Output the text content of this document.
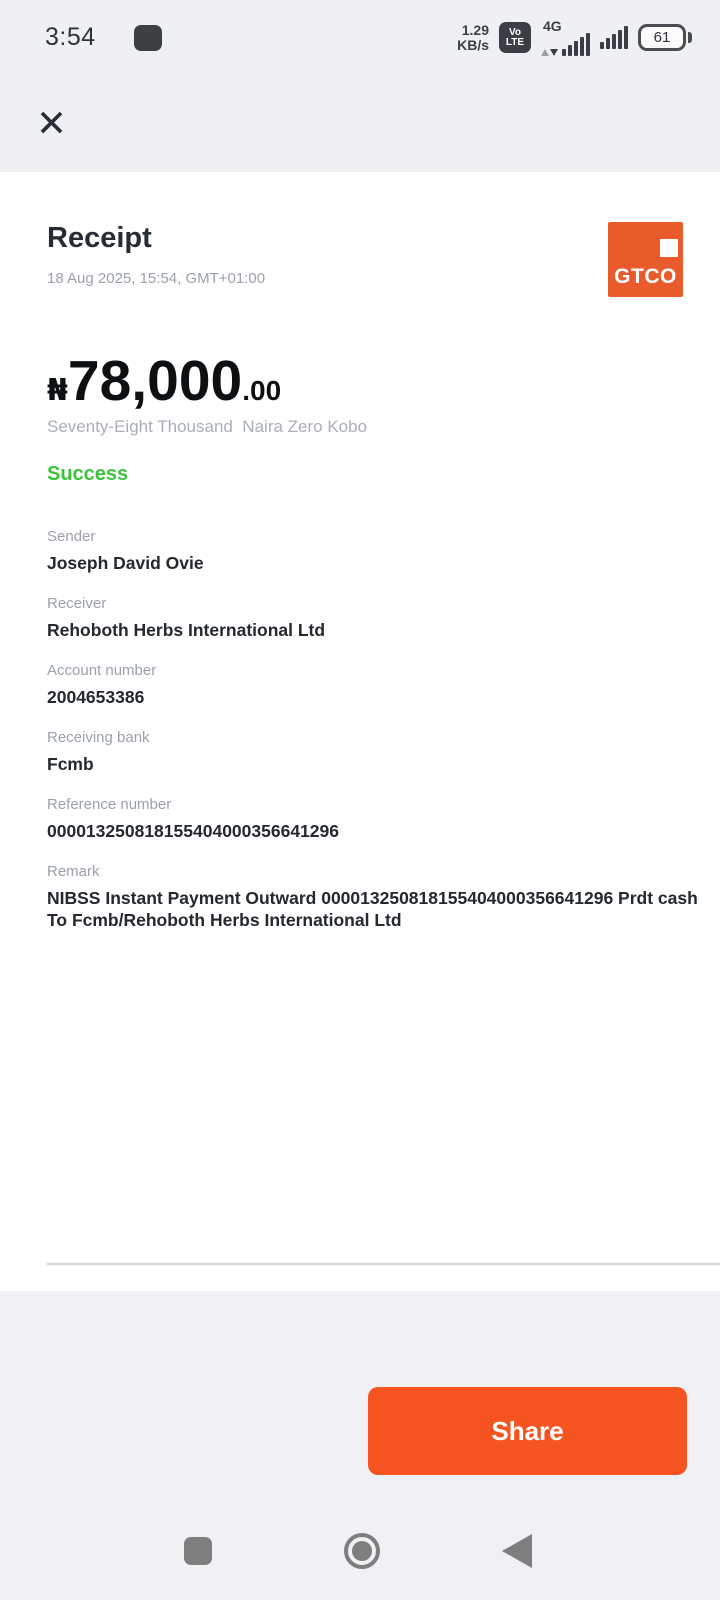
3:54	1.29
KB/s
Vo
LTE
4G
61
✕
Receipt
18 Aug 2025, 15:54, GMT+01:00	GTCO
₦ 78,000 .00
Seventy-Eight Thousand  Naira Zero Kobo
Success
Sender
Joseph David Ovie
Receiver
Rehoboth Herbs International Ltd
Account number
2004653386
Receiving bank
Fcmb
Reference number
000013250818155404000356641296
Remark
NIBSS Instant Payment Outward 000013250818155404000356641296 Prdt cash To Fcmb/Rehoboth Herbs International Ltd
Share
